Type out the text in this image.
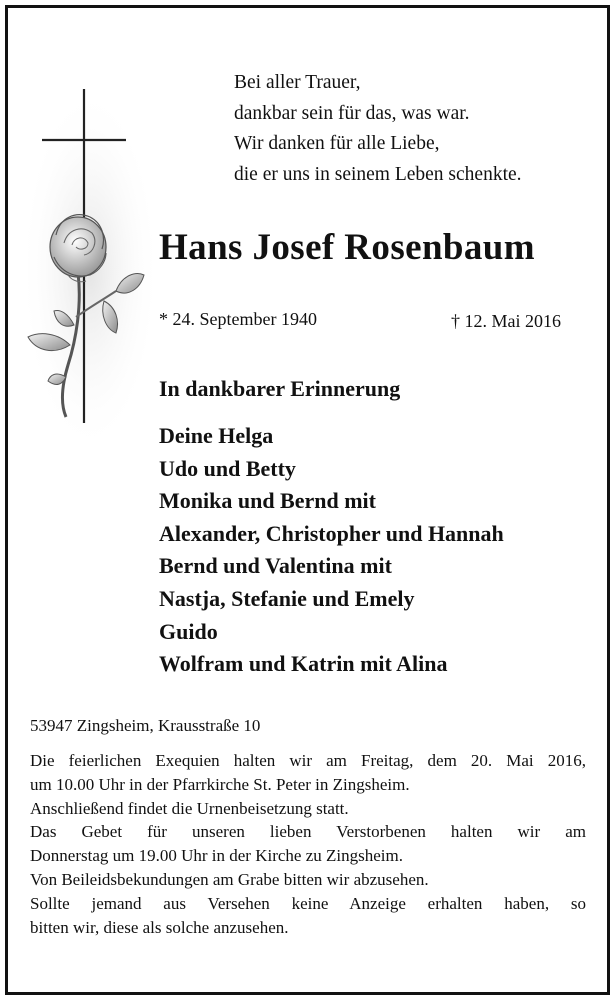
Bei aller Trauer,
dankbar sein für das, was war.
Wir danken für alle Liebe,
die er uns in seinem Leben schenkte.
Hans Josef Rosenbaum
* 24. September 1940	† 12. Mai 2016
In dankbarer Erinnerung
Deine Helga
Udo und Betty
Monika und Bernd mit
Alexander, Christopher und Hannah
Bernd und Valentina mit
Nastja, Stefanie und Emely
Guido
Wolfram und Katrin mit Alina
53947 Zingsheim, Krausstraße 10
Die feierlichen Exequien halten wir am Freitag, dem 20. Mai 2016,
um 10.00 Uhr in der Pfarrkirche St. Peter in Zingsheim.
Anschließend findet die Urnenbeisetzung statt.
Das Gebet für unseren lieben Verstorbenen halten wir am
Donnerstag um 19.00 Uhr in der Kirche zu Zingsheim.
Von Beileidsbekundungen am Grabe bitten wir abzusehen.
Sollte jemand aus Versehen keine Anzeige erhalten haben, so
bitten wir, diese als solche anzusehen.
